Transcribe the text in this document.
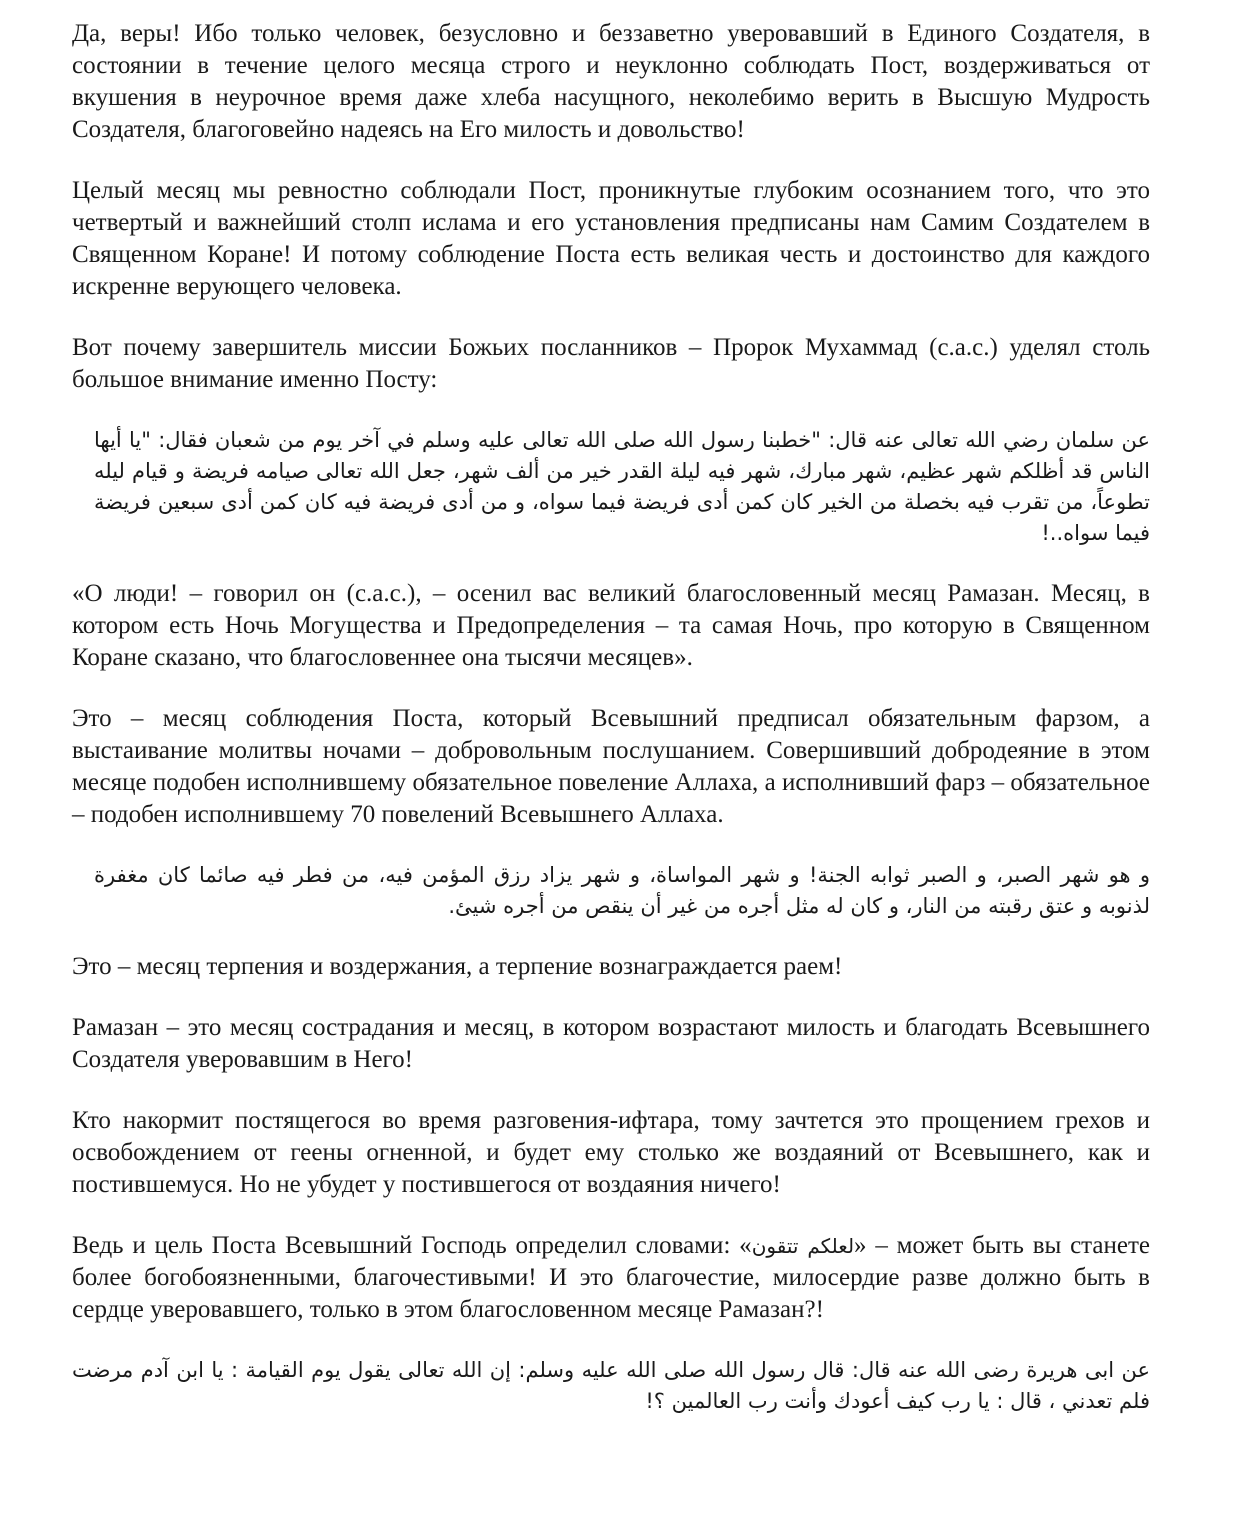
Да, веры! Ибо только человек, безусловно и беззаветно уверовавший в Единого Создателя, в состоянии в течение целого месяца строго и неуклонно соблюдать Пост, воздерживаться от вкушения в неурочное время даже хлеба насущного, неколебимо верить в Высшую Мудрость Создателя, благоговейно надеясь на Его милость и довольство!

Целый месяц мы ревностно соблюдали Пост, проникнутые глубоким осознанием того, что это четвертый и важнейший столп ислама и его установления предписаны нам Самим Создателем в Священном Коране! И потому соблюдение Поста есть великая честь и достоинство для каждого искренне верующего человека.

Вот почему завершитель миссии Божьих посланников – Пророк Мухаммад (с.а.с.) уделял столь большое внимание именно Посту:

عن سلمان رضي الله تعالى عنه قال: "خطبنا رسول الله صلى الله تعالى عليه وسلم في آخر يوم من شعبان فقال: "يا أيها الناس قد أظلكم شهر عظيم، شهر مبارك، شهر فيه ليلة القدر خير من ألف شهر، جعل الله تعالى صيامه فريضة و قيام ليله تطوعاً، من تقرب فيه بخصلة من الخير كان كمن أدى فريضة فيما سواه، و من أدى فريضة فيه كان كمن أدى سبعين فريضة فيما سواه..!

«О люди! – говорил он (с.а.с.), – осенил вас великий благословенный месяц Рамазан. Месяц, в котором есть Ночь Могущества и Предопределения – та самая Ночь, про которую в Священном Коране сказано, что благословеннее она тысячи месяцев».

Это – месяц соблюдения Поста, который Всевышний предписал обязательным фарзом, а выстаивание молитвы ночами – добровольным послушанием. Совершивший добродеяние в этом месяце подобен исполнившему обязательное повеление Аллаха, а исполнивший фарз – обязательное – подобен исполнившему 70 повелений Всевышнего Аллаха.

و هو شهر الصبر، و الصبر ثوابه الجنة! و شهر المواساة، و شهر يزاد رزق المؤمن فيه، من فطر فيه صائما كان مغفرة لذنوبه و عتق رقبته من النار، و كان له مثل أجره من غير أن ينقص من أجره شيئ.

Это – месяц терпения и воздержания, а терпение вознаграждается раем!

Рамазан – это месяц сострадания и месяц, в котором возрастают милость и благодать Всевышнего Создателя уверовавшим в Него!

Кто накормит постящегося во время разговения-ифтара, тому зачтется это прощением грехов и освобождением от геены огненной, и будет ему столько же воздаяний от Всевышнего, как и постившемуся. Но не убудет у постившегося от воздаяния ничего!

Ведь и цель Поста Всевышний Господь определил словами: «لعلكم تتقون» – может быть вы станете более богобоязненными, благочестивыми! И это благочестие, милосердие разве должно быть в сердце уверовавшего, только в этом благословенном месяце Рамазан?!

عن ابى هريرة رضى الله عنه قال: قال رسول الله صلى الله عليه وسلم: إن الله تعالى يقول يوم القيامة : يا ابن آدم مرضت فلم تعدني ، قال : يا رب كيف أعودك وأنت رب العالمين ؟!
